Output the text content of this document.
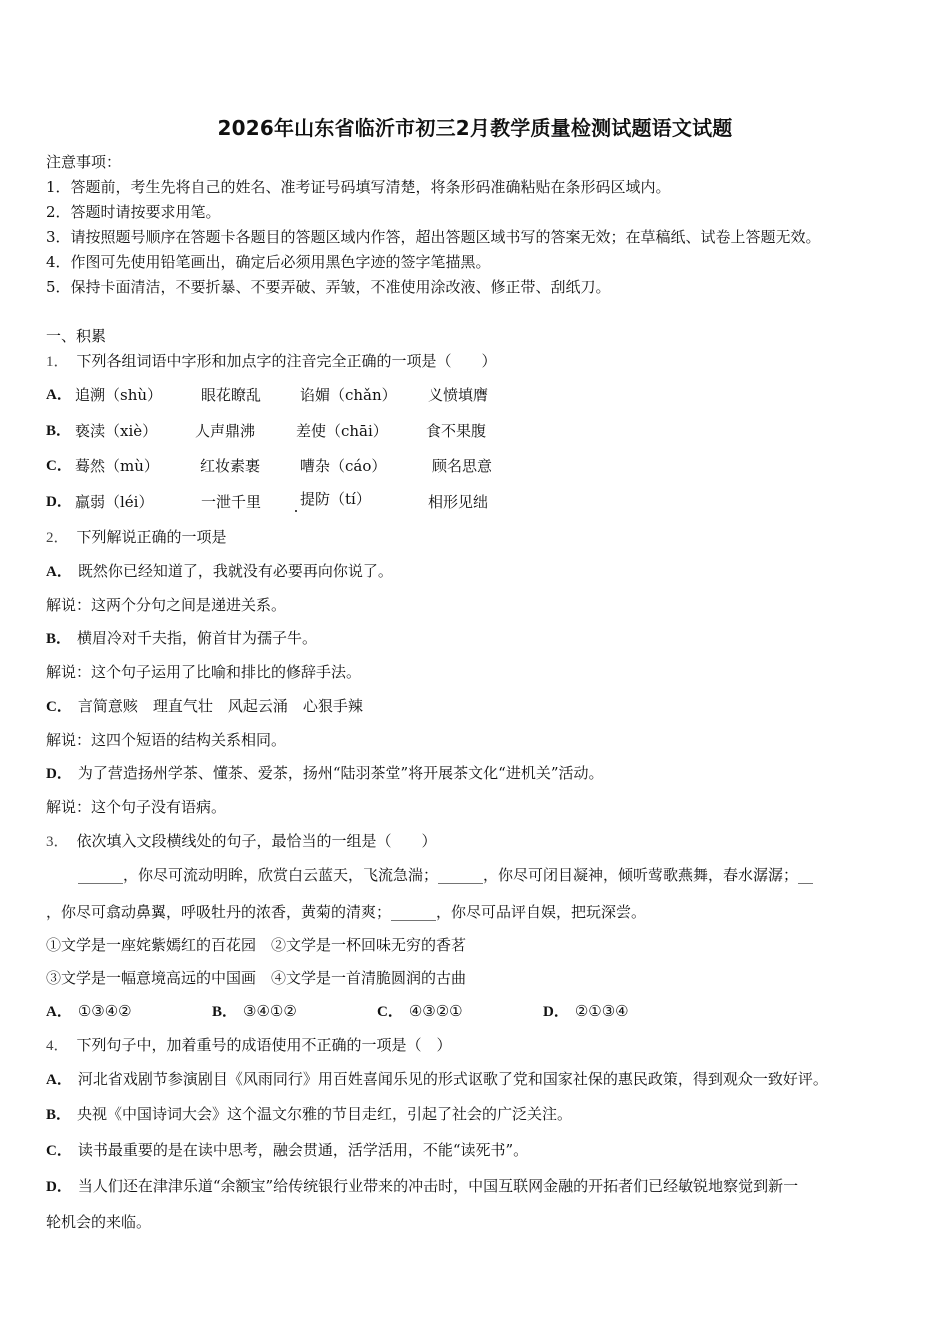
2026年山东省临沂市初三2月教学质量检测试题语文试题
注意事项：
1．答题前，考生先将自己的姓名、准考证号码填写清楚，将条形码准确粘贴在条形码区域内。
2．答题时请按要求用笔。
3．请按照题号顺序在答题卡各题目的答题区域内作答，超出答题区域书写的答案无效；在草稿纸、试卷上答题无效。
4．作图可先使用铅笔画出，确定后必须用黑色字迹的签字笔描黑。
5．保持卡面清洁，不要折暴、不要弄破、弄皱，不准使用涂改液、修正带、刮纸刀。
一、积累
1． 下列各组词语中字形和加点字的注音完全正确的一项是（　　）
A． 追溯（shù）	眼花瞭乱	谄媚（chǎn） 义愤填膺
B． 亵渎（xiè）	人声鼎沸	差使（chāi）	食不果腹
C． 蓦然（mù）	红妆素裹	嘈杂（cáo）	顾名思意
D． 羸弱（léi）	一泄千里	提防（tí）	相形见绌
2． 下列解说正确的一项是
A． 既然你已经知道了，我就没有必要再向你说了。
解说：这两个分句之间是递进关系。
B． 横眉冷对千夫指，俯首甘为孺子牛。
解说：这个句子运用了比喻和排比的修辞手法。
C． 言简意赅　理直气壮　风起云涌　心狠手辣
解说：这四个短语的结构关系相同。
D． 为了营造扬州学茶、懂茶、爱茶，扬州“陆羽茶堂”将开展茶文化“进机关”活动。
解说：这个句子没有语病。
3． 依次填入文段横线处的句子，最恰当的一组是（　　）
______，你尽可流动明眸，欣赏白云蓝天，飞流急湍；______，你尽可闭目凝神，倾听莺歌燕舞，春水潺潺；__
，你尽可翕动鼻翼，呼吸牡丹的浓香，黄菊的清爽；______，你尽可品评自娱，把玩深尝。
①文学是一座姹紫嫣红的百花园　②文学是一杯回味无穷的香茗
③文学是一幅意境高远的中国画　④文学是一首清脆圆润的古曲
A． ①③④②	B． ③④①②	C． ④③②①	D． ②①③④
4． 下列句子中，加着重号的成语使用不正确的一项是（　）
A． 河北省戏剧节参演剧目《风雨同行》用百姓喜闻乐见的形式讴歌了党和国家社保的惠民政策，得到观众一致好评。
B． 央视《中国诗词大会》这个温文尔雅的节目走红，引起了社会的广泛关注。
C． 读书最重要的是在读中思考，融会贯通，活学活用，不能“读死书”。
D． 当人们还在津津乐道“余额宝”给传统银行业带来的冲击时，中国互联网金融的开拓者们已经敏锐地察觉到新一
轮机会的来临。
